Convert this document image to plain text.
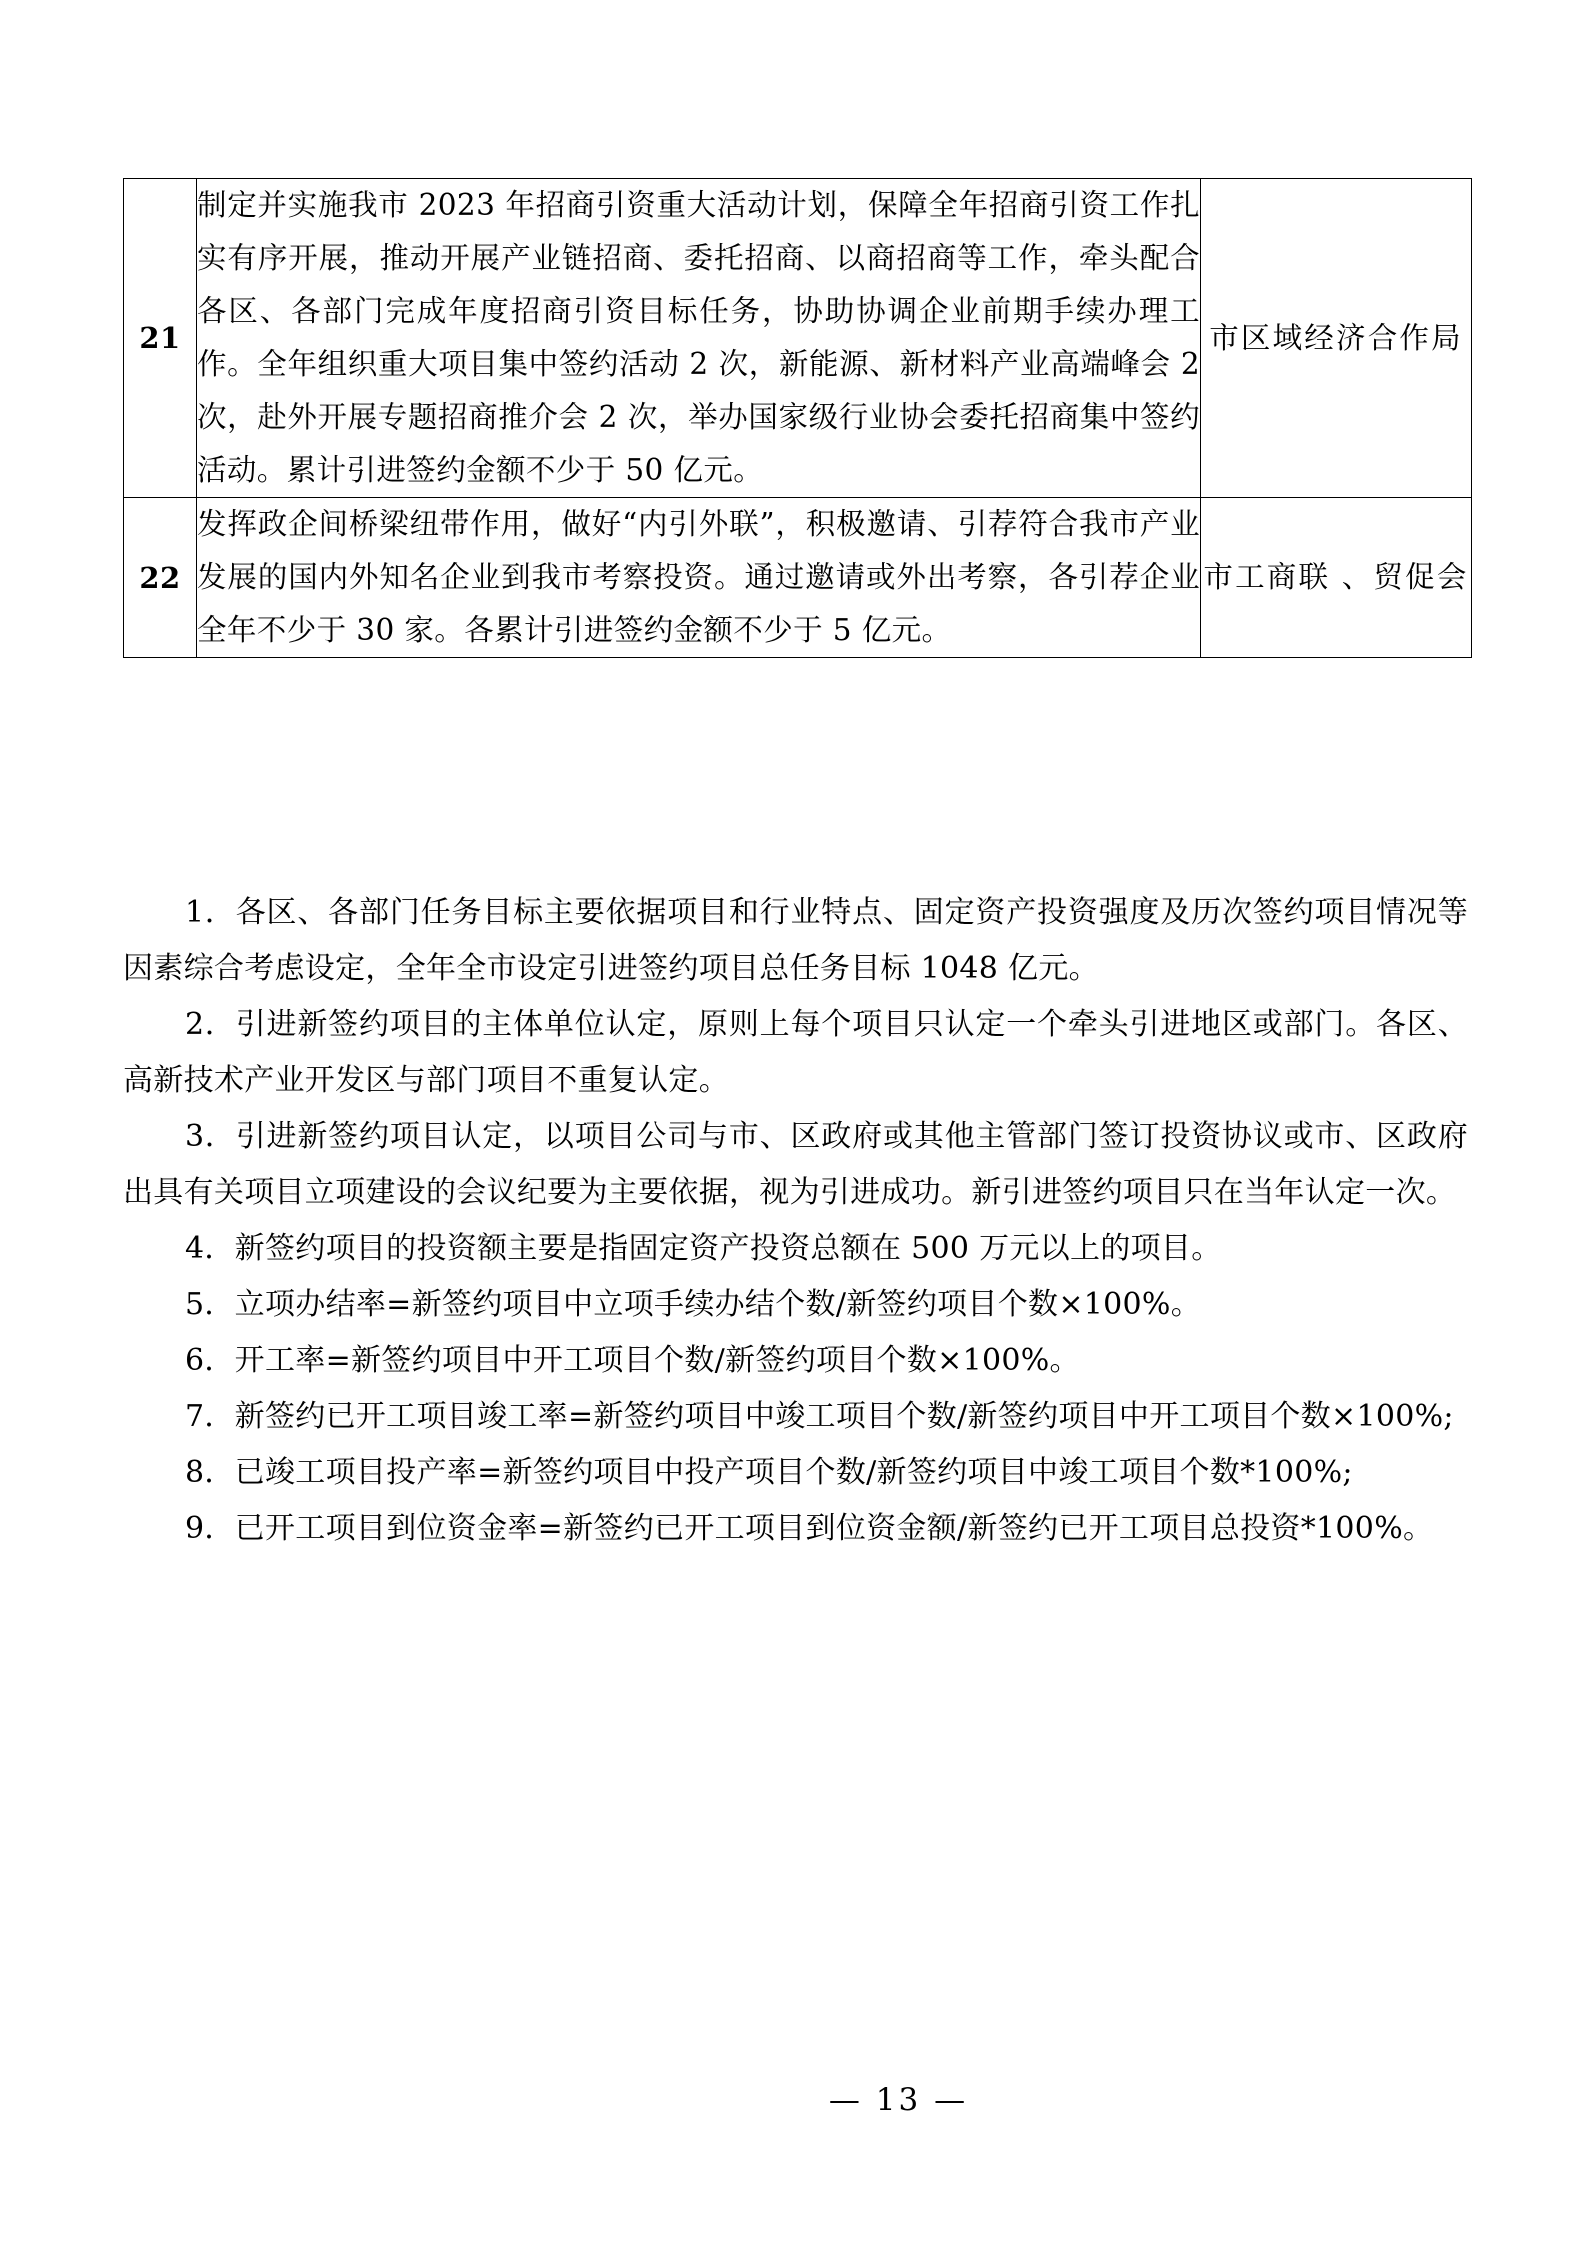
21	制定并实施我市 2023 年招商引资重大活动计划，保障全年招商引资工作扎实有序开展，推动开展产业链招商、委托招商、以商招商等工作，牵头配合各区、各部门完成年度招商引资目标任务，协助协调企业前期手续办理工作。全年组织重大项目集中签约活动 2 次，新能源、新材料产业高端峰会 2 次，赴外开展专题招商推介会 2 次，举办国家级行业协会委托招商集中签约活动。累计引进签约金额不少于 50 亿元。	市区域经济合作局
22	发挥政企间桥梁纽带作用，做好“内引外联”，积极邀请、引荐符合我市产业发展的国内外知名企业到我市考察投资。通过邀请或外出考察，各引荐企业全年不少于 30 家。各累计引进签约金额不少于 5 亿元。	市工商联 、贸促会

1．各区、各部门任务目标主要依据项目和行业特点、固定资产投资强度及历次签约项目情况等因素综合考虑设定，全年全市设定引进签约项目总任务目标 1048 亿元。

2．引进新签约项目的主体单位认定，原则上每个项目只认定一个牵头引进地区或部门。各区、高新技术产业开发区与部门项目不重复认定。

3．引进新签约项目认定，以项目公司与市、区政府或其他主管部门签订投资协议或市、区政府出具有关项目立项建设的会议纪要为主要依据，视为引进成功。新引进签约项目只在当年认定一次。

4．新签约项目的投资额主要是指固定资产投资总额在 500 万元以上的项目。

5．立项办结率=新签约项目中立项手续办结个数/新签约项目个数×100%。

6．开工率=新签约项目中开工项目个数/新签约项目个数×100%。

7．新签约已开工项目竣工率=新签约项目中竣工项目个数/新签约项目中开工项目个数×100%;

8．已竣工项目投产率=新签约项目中投产项目个数/新签约项目中竣工项目个数*100%;

9．已开工项目到位资金率=新签约已开工项目到位资金额/新签约已开工项目总投资*100%。

— 13 —
